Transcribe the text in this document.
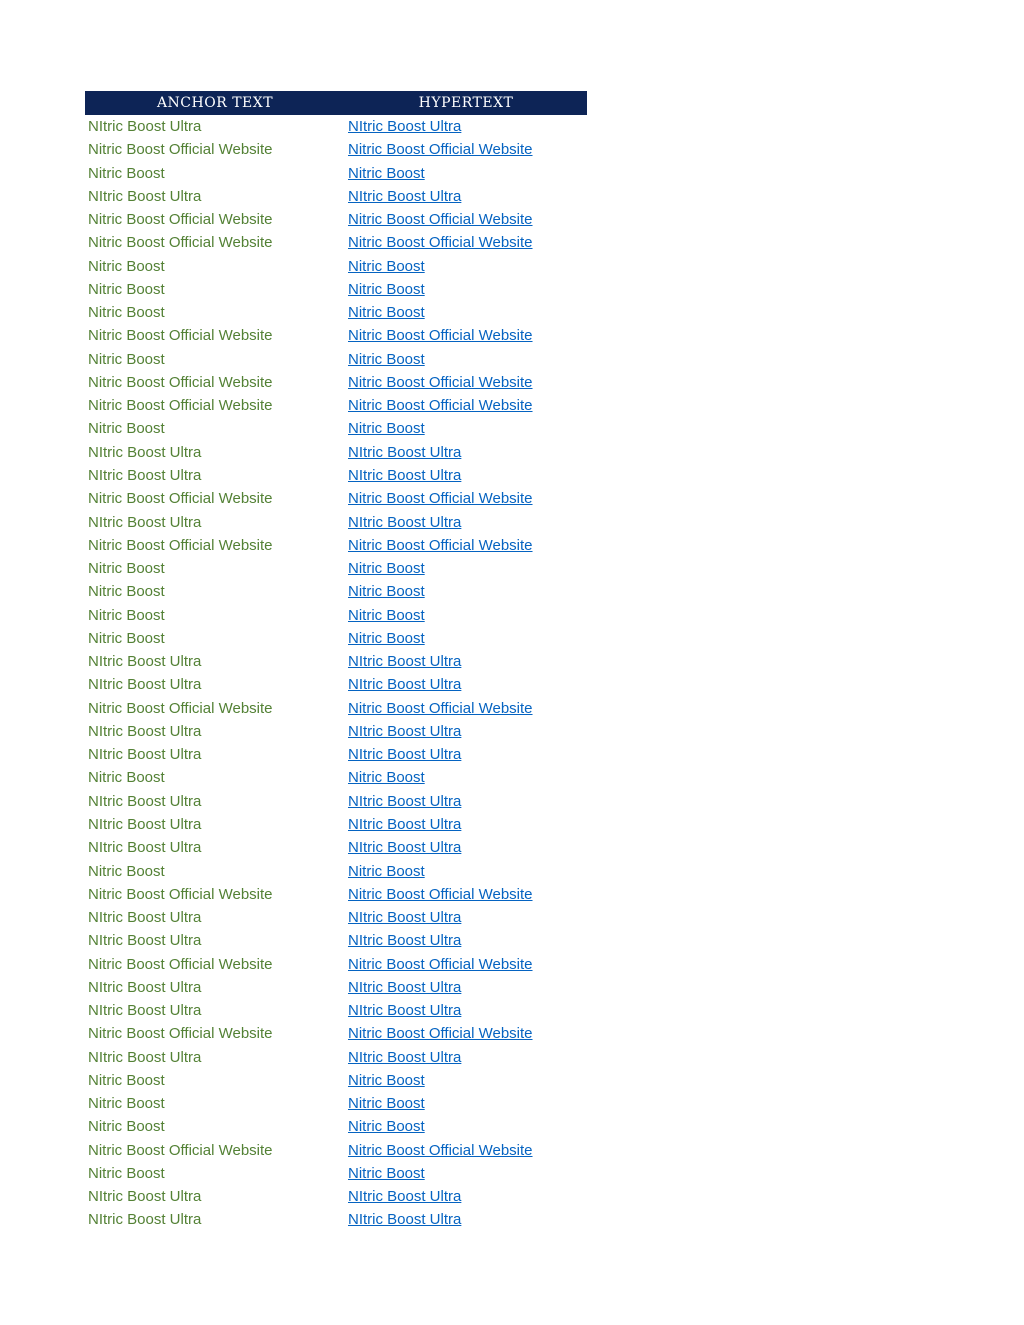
ANCHOR TEXT	HYPERTEXT
NItric Boost Ultra	NItric Boost Ultra
Nitric Boost Official Website	Nitric Boost Official Website
Nitric Boost	Nitric Boost
NItric Boost Ultra	NItric Boost Ultra
Nitric Boost Official Website	Nitric Boost Official Website
Nitric Boost Official Website	Nitric Boost Official Website
Nitric Boost	Nitric Boost
Nitric Boost	Nitric Boost
Nitric Boost	Nitric Boost
Nitric Boost Official Website	Nitric Boost Official Website
Nitric Boost	Nitric Boost
Nitric Boost Official Website	Nitric Boost Official Website
Nitric Boost Official Website	Nitric Boost Official Website
Nitric Boost	Nitric Boost
NItric Boost Ultra	NItric Boost Ultra
NItric Boost Ultra	NItric Boost Ultra
Nitric Boost Official Website	Nitric Boost Official Website
NItric Boost Ultra	NItric Boost Ultra
Nitric Boost Official Website	Nitric Boost Official Website
Nitric Boost	Nitric Boost
Nitric Boost	Nitric Boost
Nitric Boost	Nitric Boost
Nitric Boost	Nitric Boost
NItric Boost Ultra	NItric Boost Ultra
NItric Boost Ultra	NItric Boost Ultra
Nitric Boost Official Website	Nitric Boost Official Website
NItric Boost Ultra	NItric Boost Ultra
NItric Boost Ultra	NItric Boost Ultra
Nitric Boost	Nitric Boost
NItric Boost Ultra	NItric Boost Ultra
NItric Boost Ultra	NItric Boost Ultra
NItric Boost Ultra	NItric Boost Ultra
Nitric Boost	Nitric Boost
Nitric Boost Official Website	Nitric Boost Official Website
NItric Boost Ultra	NItric Boost Ultra
NItric Boost Ultra	NItric Boost Ultra
Nitric Boost Official Website	Nitric Boost Official Website
NItric Boost Ultra	NItric Boost Ultra
NItric Boost Ultra	NItric Boost Ultra
Nitric Boost Official Website	Nitric Boost Official Website
NItric Boost Ultra	NItric Boost Ultra
Nitric Boost	Nitric Boost
Nitric Boost	Nitric Boost
Nitric Boost	Nitric Boost
Nitric Boost Official Website	Nitric Boost Official Website
Nitric Boost	Nitric Boost
NItric Boost Ultra	NItric Boost Ultra
NItric Boost Ultra	NItric Boost Ultra
